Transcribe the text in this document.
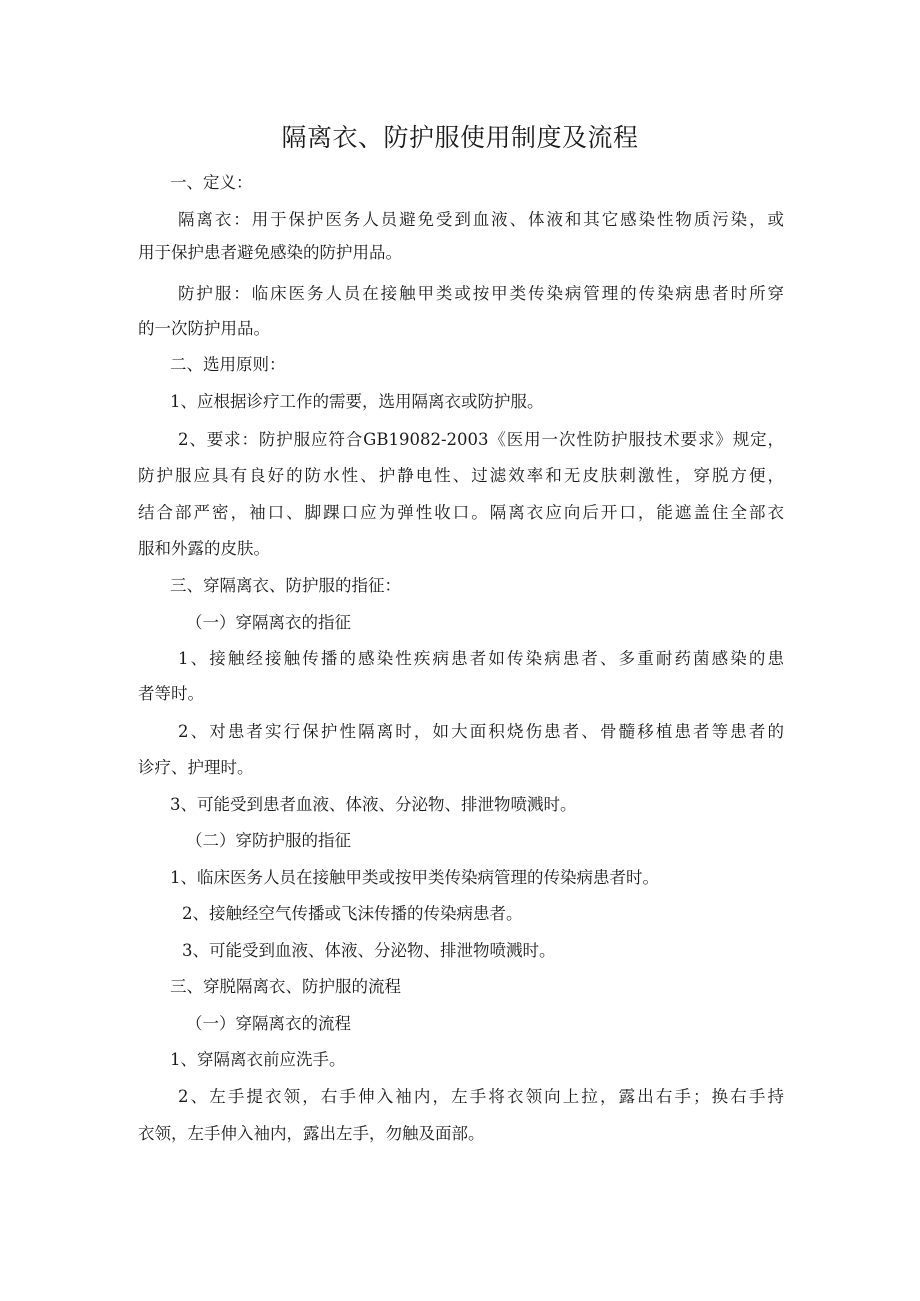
隔离衣、防护服使用制度及流程
一、定义：
隔离衣：用于保护医务人员避免受到血液、体液和其它感染性物质污染，或
用于保护患者避免感染的防护用品。
防护服：临床医务人员在接触甲类或按甲类传染病管理的传染病患者时所穿
的一次防护用品。
二、选用原则：
1、应根据诊疗工作的需要，选用隔离衣或防护服。
2、要求：防护服应符合GB19082-2003《医用一次性防护服技术要求》规定，
防护服应具有良好的防水性、护静电性、过滤效率和无皮肤刺激性，穿脱方便，
结合部严密，袖口、脚踝口应为弹性收口。隔离衣应向后开口，能遮盖住全部衣
服和外露的皮肤。
三、穿隔离衣、防护服的指征：
（一）穿隔离衣的指征
1、接触经接触传播的感染性疾病患者如传染病患者、多重耐药菌感染的患
者等时。
2、对患者实行保护性隔离时，如大面积烧伤患者、骨髓移植患者等患者的
诊疗、护理时。
3、可能受到患者血液、体液、分泌物、排泄物喷溅时。
（二）穿防护服的指征
1、临床医务人员在接触甲类或按甲类传染病管理的传染病患者时。
2、接触经空气传播或飞沫传播的传染病患者。
3、可能受到血液、体液、分泌物、排泄物喷溅时。
三、穿脱隔离衣、防护服的流程
（一）穿隔离衣的流程
1、穿隔离衣前应洗手。
2、左手提衣领，右手伸入袖内，左手将衣领向上拉，露出右手；换右手持
衣领，左手伸入袖内，露出左手，勿触及面部。
